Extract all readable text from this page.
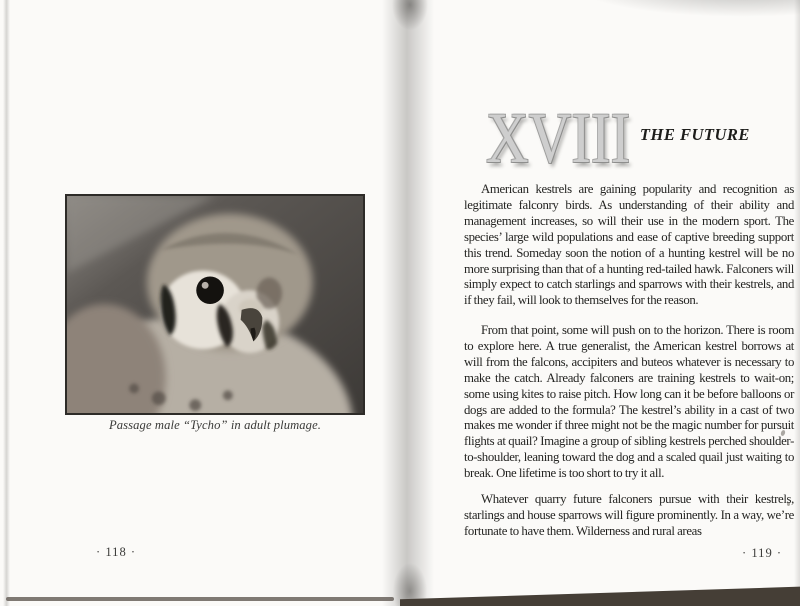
Passage male “Tycho” in adult plumage.
· 118 ·
XVIII THE FUTURE

American kestrels are gaining popularity and recognition as legitimate falconry birds. As understanding of their ability and management increases, so will their use in the modern sport. The species’ large wild populations and ease of captive breeding support this trend. Someday soon the notion of a hunting kestrel will be no more surprising than that of a hunting red-tailed hawk. Falconers will simply expect to catch starlings and sparrows with their kestrels, and if they fail, will look to themselves for the reason.

From that point, some will push on to the horizon. There is room to explore here. A true generalist, the American kestrel borrows at will from the falcons, accipiters and buteos whatever is necessary to make the catch. Already falconers are training kestrels to wait-on; some using kites to raise pitch. How long can it be before balloons or dogs are added to the formula? The kestrel’s ability in a cast of two makes me wonder if three might not be the magic number for pursuit flights at quail? Imagine a group of sibling kestrels perched shoulder-to-shoulder, leaning toward the dog and a scaled quail just waiting to break. One lifetime is too short to try it all.

Whatever quarry future falconers pursue with their kestrels, starlings and house sparrows will figure prominently. In a way, we’re fortunate to have them. Wilderness and rural areas

· 119 ·
